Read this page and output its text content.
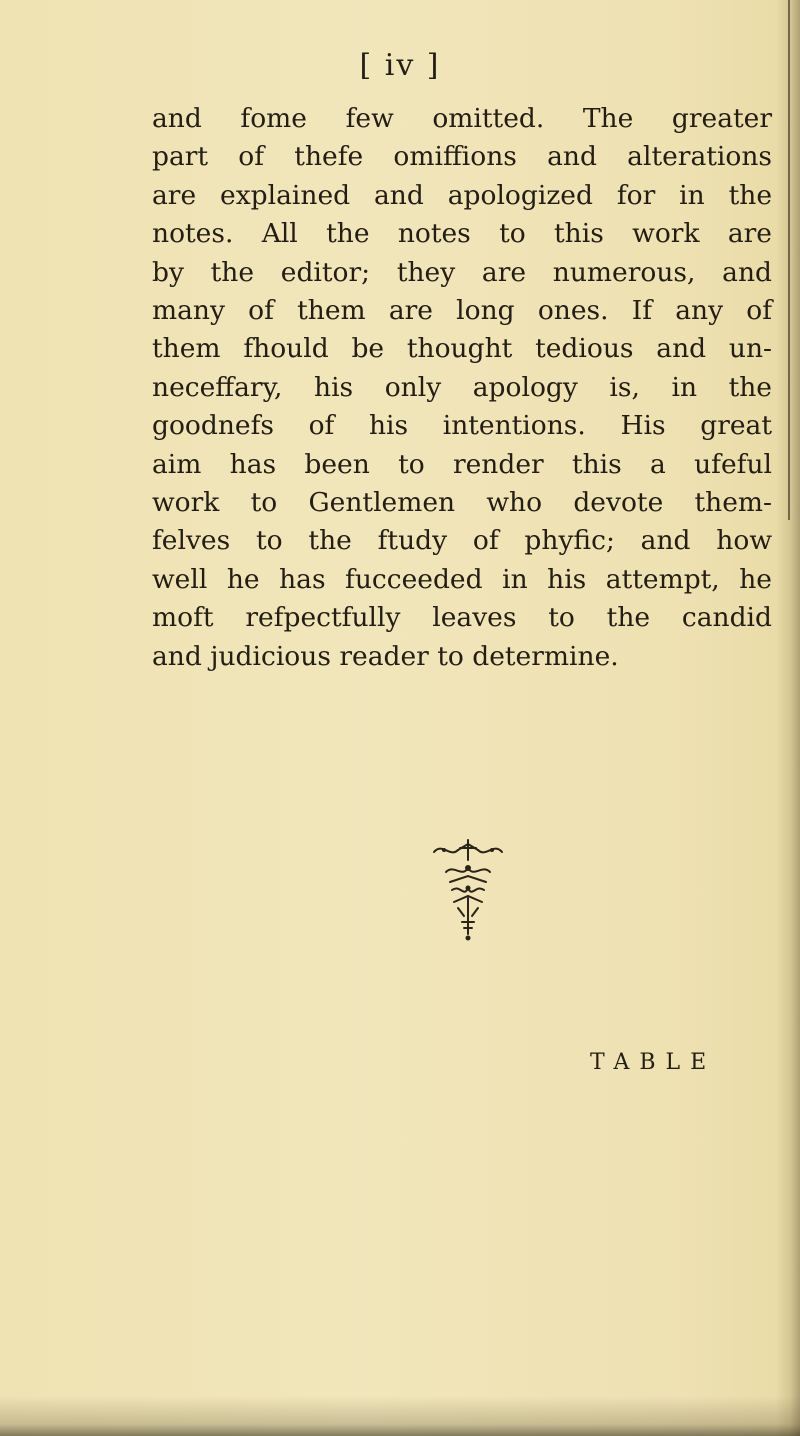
[ iv ]

and fome few omitted. The greater
part of thefe omiffions and alterations
are explained and apologized for in the
notes. All the notes to this work are
by the editor; they are numerous, and
many of them are long ones. If any of
them fhould be thought tedious and un-
neceffary, his only apology is, in the
goodnefs of his intentions. His great
aim has been to render this a ufeful
work to Gentlemen who devote them-
felves to the ftudy of phyfic; and how
well he has fucceeded in his attempt, he
moft refpectfully leaves to the candid
and judicious reader to determine.

TABLE
